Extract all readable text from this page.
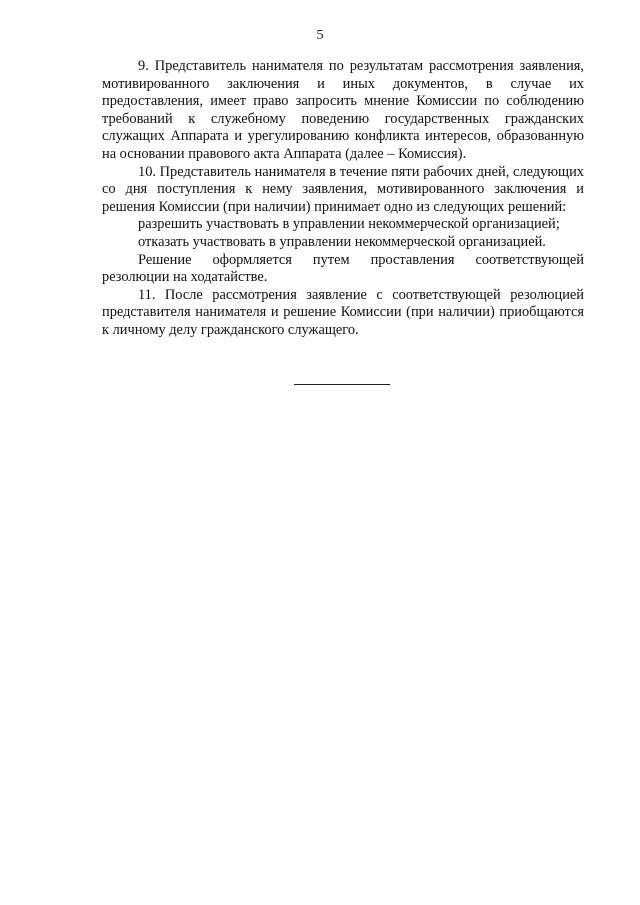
5

9. Представитель нанимателя по результатам рассмотрения заявления, мотивированного заключения и иных документов, в случае их предоставления, имеет право запросить мнение Комиссии по соблюдению требований к служебному поведению государственных гражданских служащих Аппарата и урегулированию конфликта интересов, образованную на основании правового акта Аппарата (далее – Комиссия).

10. Представитель нанимателя в течение пяти рабочих дней, следующих со дня поступления к нему заявления, мотивированного заключения и решения Комиссии (при наличии) принимает одно из следующих решений:

разрешить участвовать в управлении некоммерческой организацией;

отказать участвовать в управлении некоммерческой организацией.

Решение оформляется путем проставления соответствующей резолюции на ходатайстве.

11. После рассмотрения заявление с соответствующей резолюцией представителя нанимателя и решение Комиссии (при наличии) приобщаются к личному делу гражданского служащего.
